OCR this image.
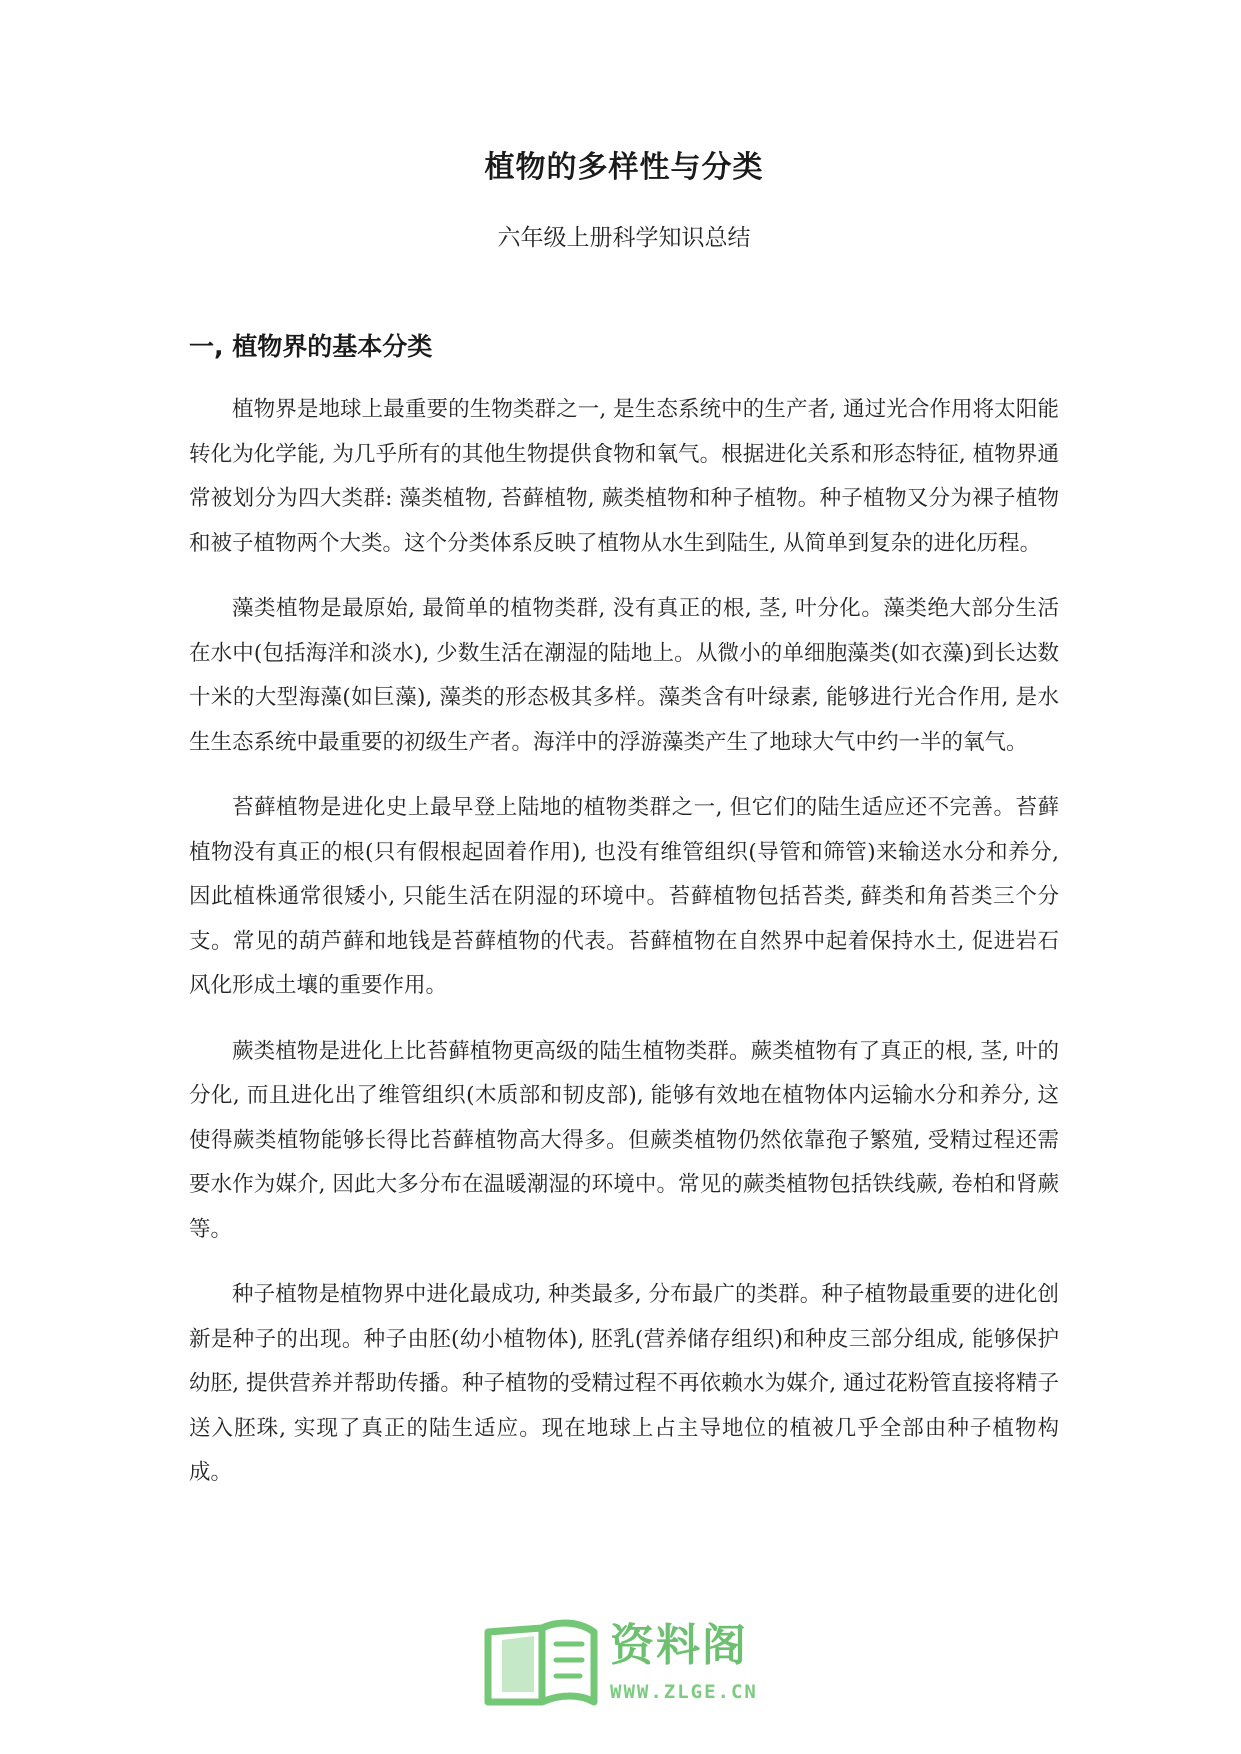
植物的多样性与分类
六年级上册科学知识总结
一, 植物界的基本分类

植物界是地球上最重要的生物类群之一, 是生态系统中的生产者, 通过光合作用将太阳能转化为化学能, 为几乎所有的其他生物提供食物和氧气。根据进化关系和形态特征, 植物界通常被划分为四大类群: 藻类植物, 苔藓植物, 蕨类植物和种子植物。种子植物又分为裸子植物和被子植物两个大类。这个分类体系反映了植物从水生到陆生, 从简单到复杂的进化历程。

藻类植物是最原始, 最简单的植物类群, 没有真正的根, 茎, 叶分化。藻类绝大部分生活在水中(包括海洋和淡水), 少数生活在潮湿的陆地上。从微小的单细胞藻类(如衣藻)到长达数十米的大型海藻(如巨藻), 藻类的形态极其多样。藻类含有叶绿素, 能够进行光合作用, 是水生生态系统中最重要的初级生产者。海洋中的浮游藻类产生了地球大气中约一半的氧气。

苔藓植物是进化史上最早登上陆地的植物类群之一, 但它们的陆生适应还不完善。苔藓植物没有真正的根(只有假根起固着作用), 也没有维管组织(导管和筛管)来输送水分和养分, 因此植株通常很矮小, 只能生活在阴湿的环境中。苔藓植物包括苔类, 藓类和角苔类三个分支。常见的葫芦藓和地钱是苔藓植物的代表。苔藓植物在自然界中起着保持水土, 促进岩石风化形成土壤的重要作用。

蕨类植物是进化上比苔藓植物更高级的陆生植物类群。蕨类植物有了真正的根, 茎, 叶的分化, 而且进化出了维管组织(木质部和韧皮部), 能够有效地在植物体内运输水分和养分, 这使得蕨类植物能够长得比苔藓植物高大得多。但蕨类植物仍然依靠孢子繁殖, 受精过程还需要水作为媒介, 因此大多分布在温暖潮湿的环境中。常见的蕨类植物包括铁线蕨, 卷柏和肾蕨等。

种子植物是植物界中进化最成功, 种类最多, 分布最广的类群。种子植物最重要的进化创新是种子的出现。种子由胚(幼小植物体), 胚乳(营养储存组织)和种皮三部分组成, 能够保护幼胚, 提供营养并帮助传播。种子植物的受精过程不再依赖水为媒介, 通过花粉管直接将精子送入胚珠, 实现了真正的陆生适应。现在地球上占主导地位的植被几乎全部由种子植物构成。

资料阁
WWW.ZLGE.CN
